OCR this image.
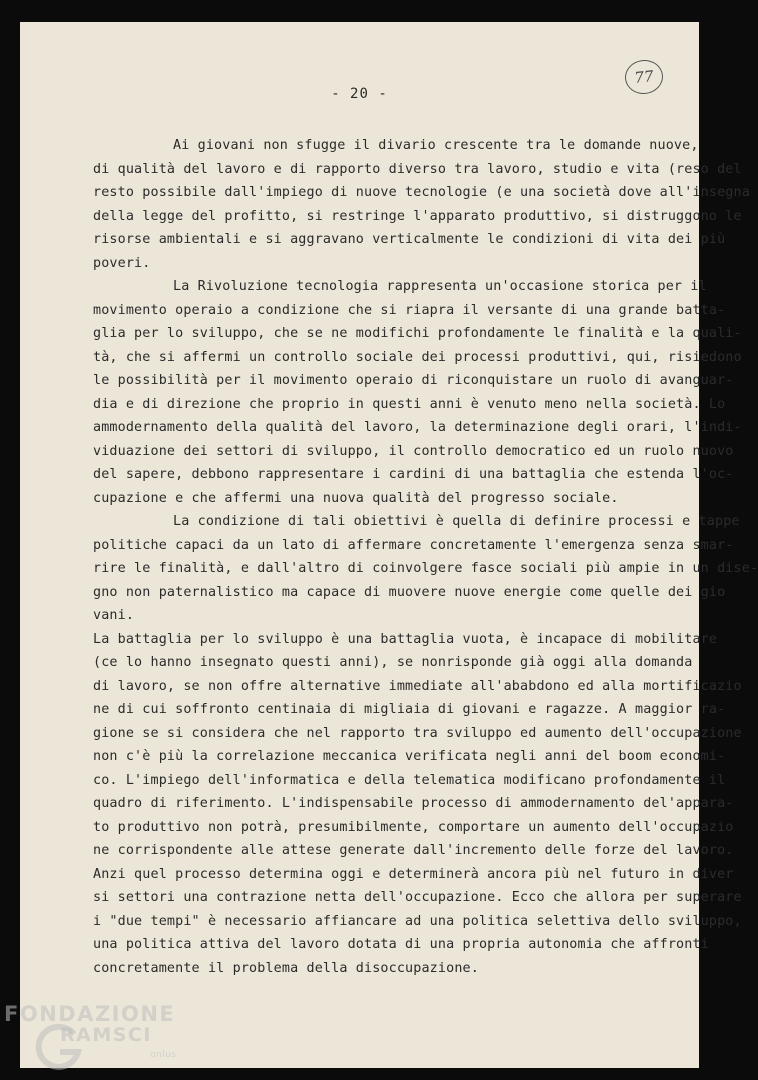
- 20 -
77
Ai giovani non sfugge il divario crescente tra le domande nuove,
di qualità del lavoro e di rapporto diverso tra lavoro, studio e vita (reso del
resto possibile dall'impiego di nuove tecnologie (e una società dove all'insegna
della legge del profitto, si restringe l'apparato produttivo, si distruggono le
risorse ambientali e si aggravano verticalmente le condizioni di vita dei più
poveri.
La Rivoluzione tecnologia rappresenta un'occasione storica per il
movimento operaio a condizione che si riapra il versante di una grande batta-
glia per lo sviluppo, che se ne modifichi profondamente le finalità e la quali-
tà, che si affermi un controllo sociale dei processi produttivi, qui, risiedono
le possibilità per il movimento operaio di riconquistare un ruolo di avanguar-
dia e di direzione che proprio in questi anni è venuto meno nella società. Lo
ammodernamento della qualità del lavoro, la determinazione degli orari, l'indi-
viduazione dei settori di sviluppo, il controllo democratico ed un ruolo nuovo
del sapere, debbono rappresentare i cardini di una battaglia che estenda l'oc-
cupazione e che affermi una nuova qualità del progresso sociale.
La condizione di tali obiettivi è quella di definire processi e tappe
politiche capaci da un lato di affermare concretamente l'emergenza senza smar-
rire le finalità, e dall'altro di coinvolgere fasce sociali più ampie in un dise-
gno non paternalistico ma capace di muovere nuove energie come quelle dei gio
vani.
La battaglia per lo sviluppo è una battaglia vuota, è incapace di mobilitare
(ce lo hanno insegnato questi anni), se nonrisponde già oggi alla domanda
di lavoro, se non offre alternative immediate all'ababdono ed alla mortificazio
ne di cui soffronto centinaia di migliaia di giovani e ragazze. A maggior ra-
gione se si considera che nel rapporto tra sviluppo ed aumento dell'occupazione
non c'è più la correlazione meccanica verificata negli anni del boom economi-
co. L'impiego dell'informatica e della telematica modificano profondamente il
quadro di riferimento. L'indispensabile processo di ammodernamento del'appara-
to produttivo non potrà, presumibilmente, comportare un aumento dell'occupazio
ne corrispondente alle attese generate dall'incremento delle forze del lavoro.
Anzi quel processo determina oggi e determinerà ancora più nel futuro in diver
si settori una contrazione netta dell'occupazione. Ecco che allora per superare
i "due tempi" è necessario affiancare ad una politica selettiva dello sviluppo,
una politica attiva del lavoro dotata di una propria autonomia che affronti
concretamente il problema della disoccupazione.
FONDAZIONE
RAMSCI
onlus
